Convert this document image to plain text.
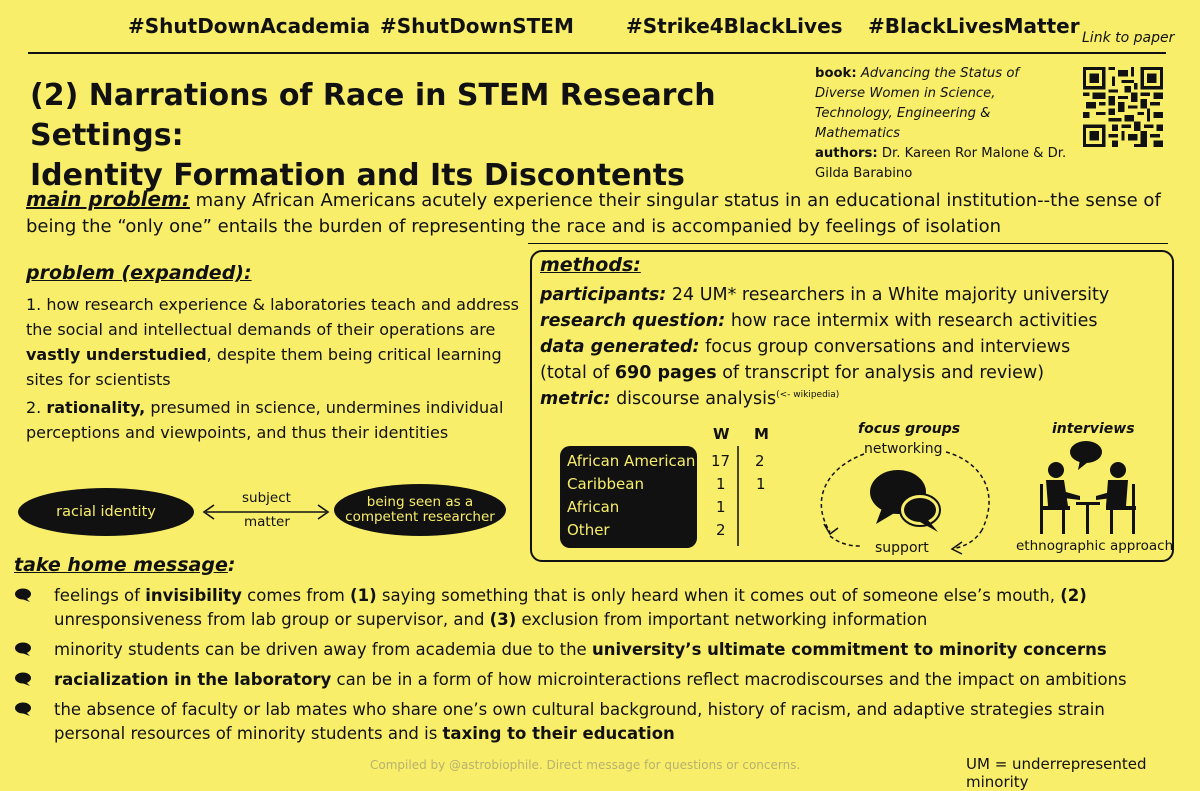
#ShutDownAcademia #ShutDownSTEM	#Strike4BlackLives #BlackLivesMatter Link to paper
(2) Narrations of Race in STEM Research Settings:
Identity Formation and Its Discontents
book: Advancing the Status of Diverse Women in Science, Technology, Engineering & Mathematics
authors: Dr. Kareen Ror Malone & Dr. Gilda Barabino
main problem: many African Americans acutely experience their singular status in an educational institution--the sense of being the “only one” entails the burden of representing the race and is accompanied by feelings of isolation
problem (expanded):

1. how research experience & laboratories teach and address the social and intellectual demands of their operations are vastly understudied, despite them being critical learning sites for scientists

2. rationality, presumed in science, undermines individual perceptions and viewpoints, and thus their identities

racial identity
subject
matter
being seen as a
competent researcher
methods:
participants: 24 UM* researchers in a White majority university
research question: how race intermix with research activities
data generated: focus group conversations and interviews
(total of 690 pages of transcript for analysis and review)
metric: discourse analysis$^{(<- wikipedia)}$
W M
African American 17 2
Caribbean	1 1
African	1
Other	2
focus groups
networking
support
interviews
ethnographic approach
take home message:
feelings of invisibility comes from (1) saying something that is only heard when it comes out of someone else’s mouth, (2) unresponsiveness from lab group or supervisor, and (3) exclusion from important networking information
minority students can be driven away from academia due to the university’s ultimate commitment to minority concerns
racialization in the laboratory can be in a form of how microinteractions reflect macrodiscourses and the impact on ambitions
the absence of faculty or lab mates who share one’s own cultural background, history of racism, and adaptive strategies strain personal resources of minority students and is taxing to their education
Compiled by @astrobiophile. Direct message for questions or concerns.	UM = underrepresented minority
